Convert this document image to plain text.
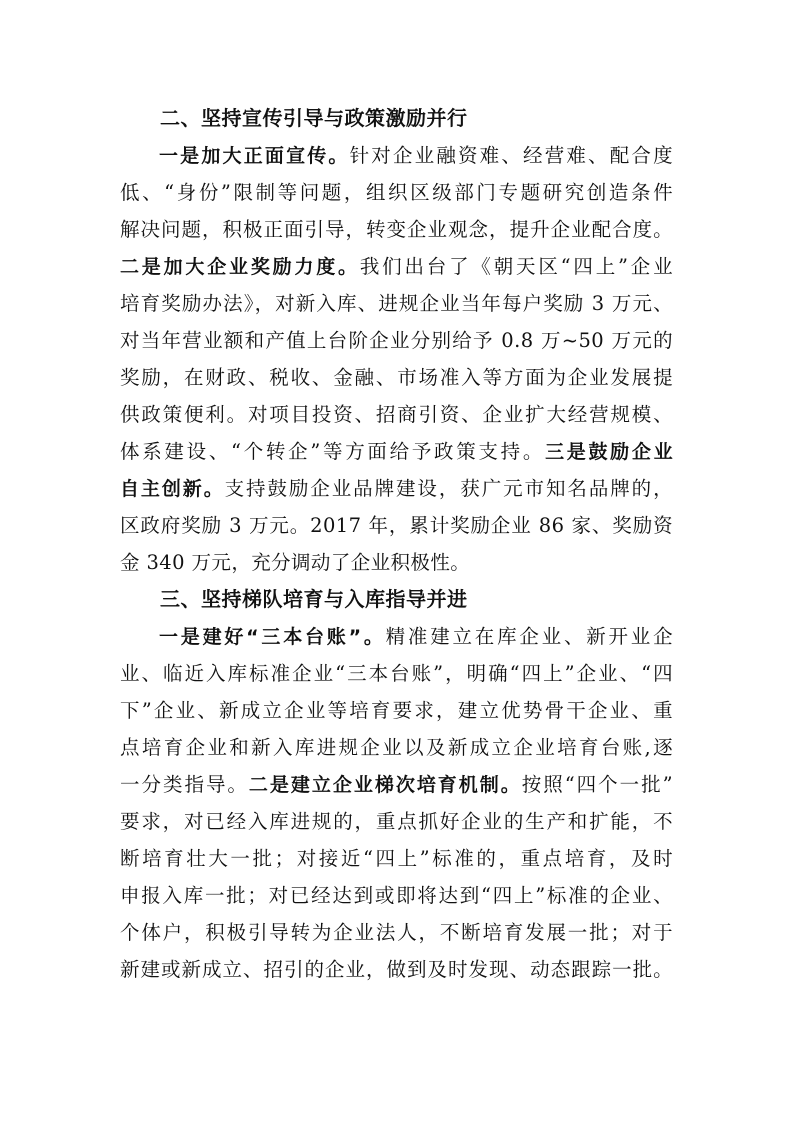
二、坚持宣传引导与政策激励并行
一是加大正面宣传。针对企业融资难、经营难、配合度
低、“身份”限制等问题，组织区级部门专题研究创造条件
解决问题，积极正面引导，转变企业观念，提升企业配合度。
二是加大企业奖励力度。我们出台了《朝天区“四上”企业
培育奖励办法》，对新入库、进规企业当年每户奖励 3 万元、
对当年营业额和产值上台阶企业分别给予 0.8 万~50 万元的
奖励，在财政、税收、金融、市场准入等方面为企业发展提
供政策便利。对项目投资、招商引资、企业扩大经营规模、
体系建设、“个转企”等方面给予政策支持。三是鼓励企业
自主创新。支持鼓励企业品牌建设，获广元市知名品牌的，
区政府奖励 3 万元。2017 年，累计奖励企业 86 家、奖励资
金 340 万元，充分调动了企业积极性。
三、坚持梯队培育与入库指导并进
一是建好“三本台账”。精准建立在库企业、新开业企
业、临近入库标准企业“三本台账”，明确“四上”企业、“四
下”企业、新成立企业等培育要求，建立优势骨干企业、重
点培育企业和新入库进规企业以及新成立企业培育台账,逐
一分类指导。二是建立企业梯次培育机制。按照“四个一批”
要求，对已经入库进规的，重点抓好企业的生产和扩能，不
断培育壮大一批；对接近“四上”标准的，重点培育，及时
申报入库一批；对已经达到或即将达到“四上”标准的企业、
个体户，积极引导转为企业法人，不断培育发展一批；对于
新建或新成立、招引的企业，做到及时发现、动态跟踪一批。
